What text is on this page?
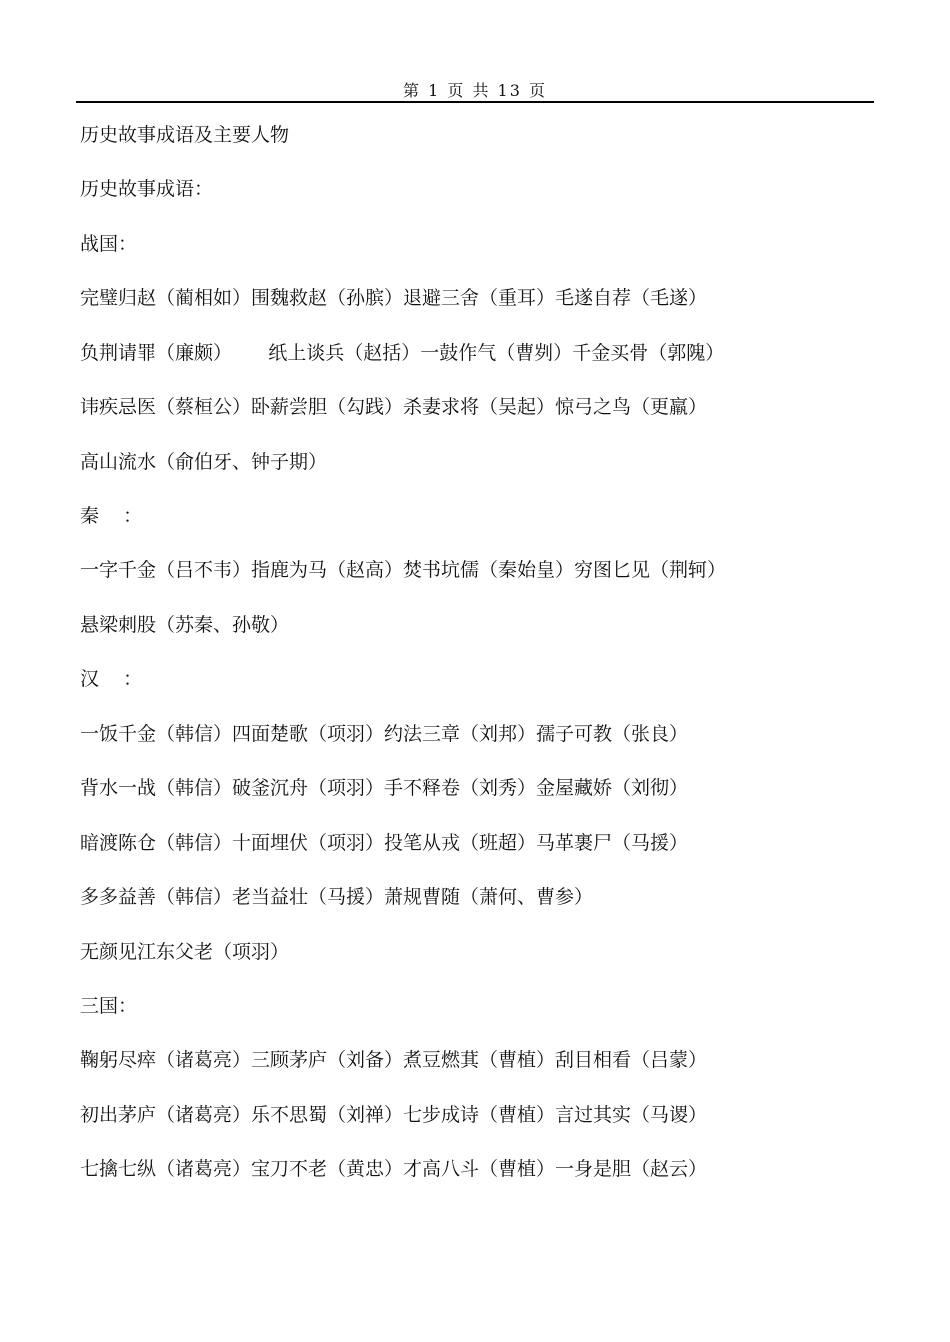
第 1 页 共 13 页
历史故事成语及主要人物
历史故事成语：
战国：
完璧归赵（蔺相如）围魏救赵（孙膑）退避三舍（重耳）毛遂自荐（毛遂）
负荆请罪（廉颇）      纸上谈兵（赵括）一鼓作气（曹刿）千金买骨（郭隗）
讳疾忌医（蔡桓公）卧薪尝胆（勾践）杀妻求将（吴起）惊弓之鸟（更羸）
高山流水（俞伯牙、钟子期）
秦    ：
一字千金（吕不韦）指鹿为马（赵高）焚书坑儒（秦始皇）穷图匕见（荆轲）
悬梁刺股（苏秦、孙敬）
汉    ：
一饭千金（韩信）四面楚歌（项羽）约法三章（刘邦）孺子可教（张良）
背水一战（韩信）破釜沉舟（项羽）手不释卷（刘秀）金屋藏娇（刘彻）
暗渡陈仓（韩信）十面埋伏（项羽）投笔从戎（班超）马革裹尸（马援）
多多益善（韩信）老当益壮（马援）萧规曹随（萧何、曹参）
无颜见江东父老（项羽）
三国：
鞠躬尽瘁（诸葛亮）三顾茅庐（刘备）煮豆燃萁（曹植）刮目相看（吕蒙）
初出茅庐（诸葛亮）乐不思蜀（刘禅）七步成诗（曹植）言过其实（马谡）
七擒七纵（诸葛亮）宝刀不老（黄忠）才高八斗（曹植）一身是胆（赵云）
